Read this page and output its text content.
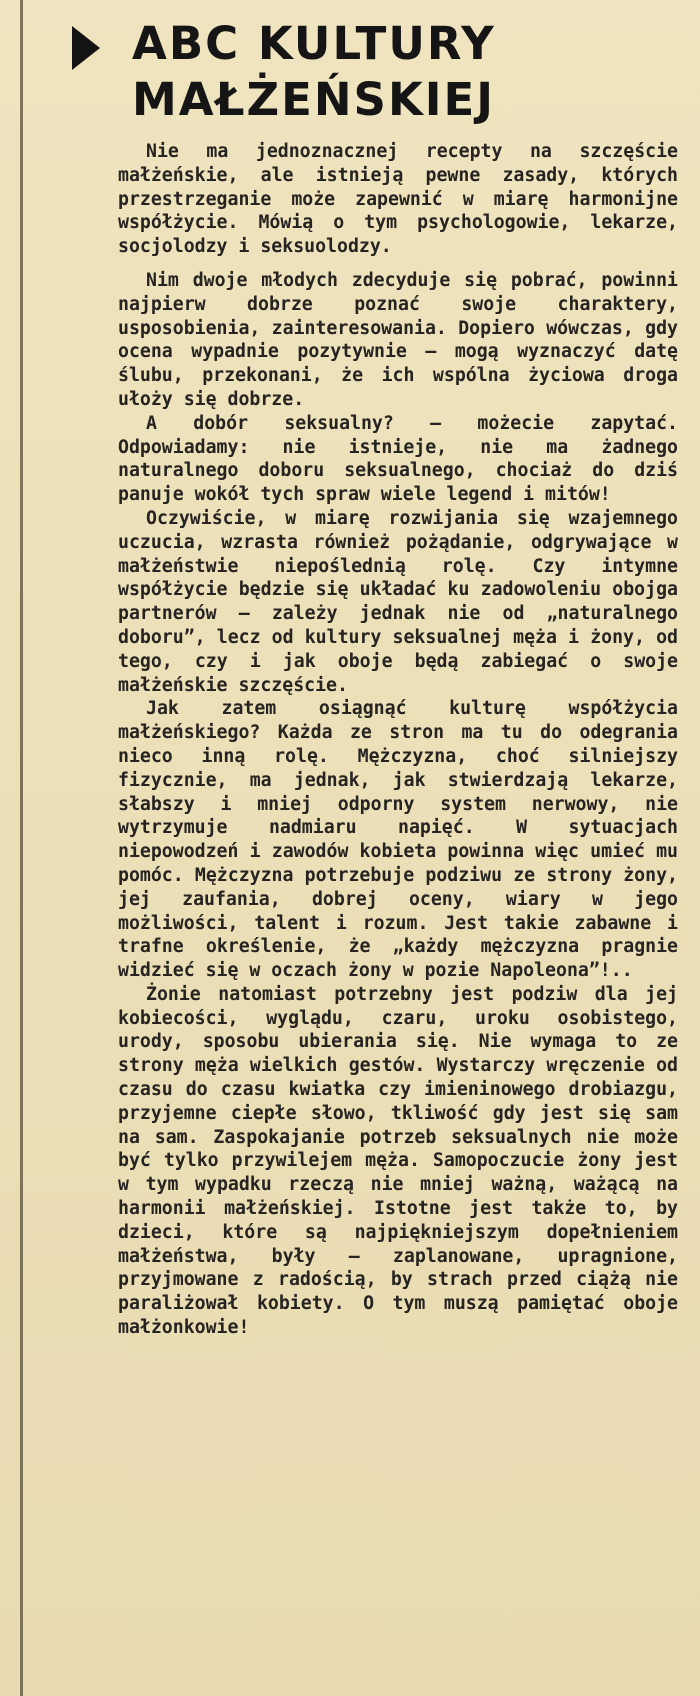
ABC KULTURY
MAŁŻEŃSKIEJ

Nie ma jednoznacznej recepty na szczęście małżeńskie, ale istnieją pewne zasady, których przestrzeganie może zapewnić w miarę harmonijne współżycie. Mówią o tym psychologowie, lekarze, socjolodzy i seksuolodzy.

Nim dwoje młodych zdecyduje się pobrać, powinni najpierw dobrze poznać swoje charaktery, usposobienia, zainteresowania. Dopiero wówczas, gdy ocena wypadnie pozytywnie — mogą wyznaczyć datę ślubu, przekonani, że ich wspólna życiowa droga ułoży się dobrze.

A dobór seksualny? — możecie zapytać. Odpowiadamy: nie istnieje, nie ma żadnego naturalnego doboru seksualnego, chociaż do dziś panuje wokół tych spraw wiele legend i mitów!

Oczywiście, w miarę rozwijania się wzajemnego uczucia, wzrasta również pożądanie, odgrywające w małżeństwie niepoślednią rolę. Czy intymne współżycie będzie się układać ku zadowoleniu obojga partnerów — zależy jednak nie od „naturalnego doboru”, lecz od kultury seksualnej męża i żony, od tego, czy i jak oboje będą zabiegać o swoje małżeńskie szczęście.

Jak zatem osiągnąć kulturę współżycia małżeńskiego? Każda ze stron ma tu do odegrania nieco inną rolę. Mężczyzna, choć silniejszy fizycznie, ma jednak, jak stwierdzają lekarze, słabszy i mniej odporny system nerwowy, nie wytrzymuje nadmiaru napięć. W sytuacjach niepowodzeń i zawodów kobieta powinna więc umieć mu pomóc. Mężczyzna potrzebuje podziwu ze strony żony, jej zaufania, dobrej oceny, wiary w jego możliwości, talent i rozum. Jest takie zabawne i trafne określenie, że „każdy mężczyzna pragnie widzieć się w oczach żony w pozie Napoleona”!..

Żonie natomiast potrzebny jest podziw dla jej kobiecości, wyglądu, czaru, uroku osobistego, urody, sposobu ubierania się. Nie wymaga to ze strony męża wielkich gestów. Wystarczy wręczenie od czasu do czasu kwiatka czy imieninowego drobiazgu, przyjemne ciepłe słowo, tkliwość gdy jest się sam na sam. Zaspokajanie potrzeb seksualnych nie może być tylko przywilejem męża. Samopoczucie żony jest w tym wypadku rzeczą nie mniej ważną, ważącą na harmonii małżeńskiej. Istotne jest także to, by dzieci, które są najpiękniejszym dopełnieniem małżeństwa, były — zaplanowane, upragnione, przyjmowane z radością, by strach przed ciążą nie paraliżował kobiety. O tym muszą pamiętać oboje małżonkowie!
